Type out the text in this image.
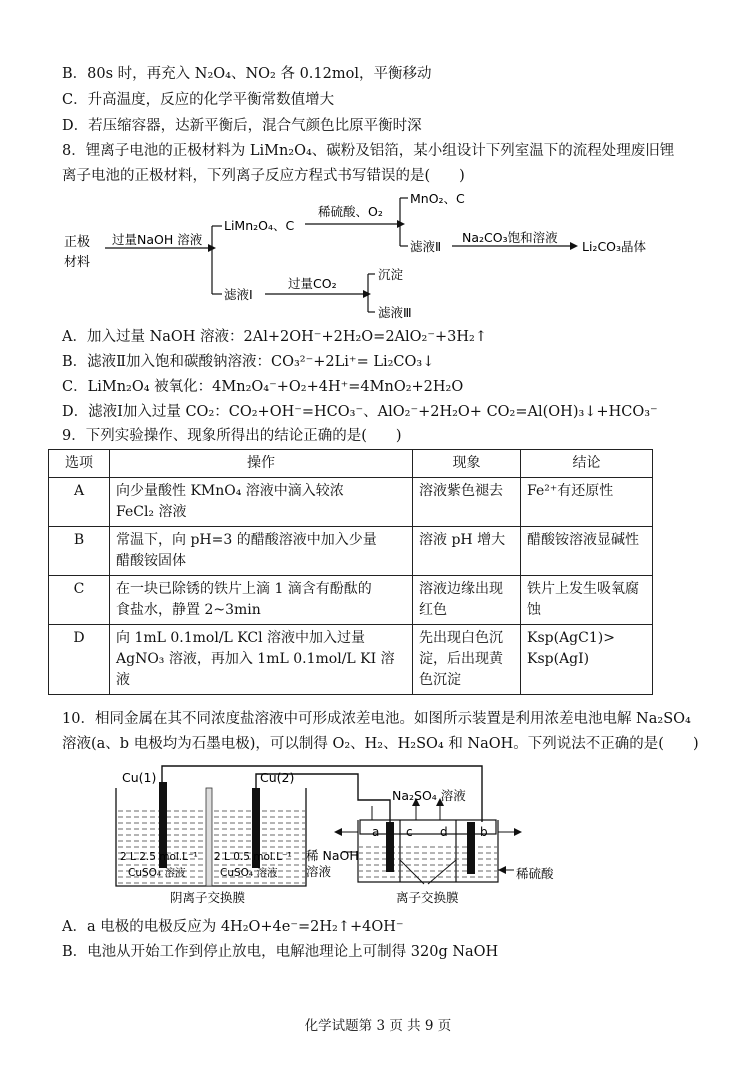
B．80s 时，再充入 N₂O₄、NO₂ 各 0.12mol，平衡移动
C．升高温度，反应的化学平衡常数值增大
D．若压缩容器，达新平衡后，混合气颜色比原平衡时深
8．锂离子电池的正极材料为 LiMn₂O₄、碳粉及铝箔，某小组设计下列室温下的流程处理废旧锂
离子电池的正极材料，下列离子反应方程式书写错误的是(　　)
正极
材料
过量NaOH 溶液
LiMn₂O₄、C
稀硫酸、O₂
MnO₂、C
滤液Ⅱ
Na₂CO₃饱和溶液
Li₂CO₃晶体
滤液Ⅰ
过量CO₂
沉淀
滤液Ⅲ
A．加入过量 NaOH 溶液：2Al+2OH⁻+2H₂O=2AlO₂⁻+3H₂↑
B．滤液Ⅱ加入饱和碳酸钠溶液：CO₃²⁻+2Li⁺= Li₂CO₃↓
C．LiMn₂O₄ 被氧化：4Mn₂O₄⁻+O₂+4H⁺=4MnO₂+2H₂O
D．滤液Ⅰ加入过量 CO₂：CO₂+OH⁻=HCO₃⁻、AlO₂⁻+2H₂O+ CO₂=Al(OH)₃↓+HCO₃⁻
9．下列实验操作、现象所得出的结论正确的是(　　)
选项	操作	现象	结论
A	向少量酸性 KMnO₄ 溶液中滴入较浓
FeCl₂ 溶液	溶液紫色褪去	Fe²⁺有还原性

B	常温下，向 pH=3 的醋酸溶液中加入少量
醋酸铵固体	溶液 pH 增大	醋酸铵溶液显碱性

C	在一块已除锈的铁片上滴 1 滴含有酚酞的
食盐水，静置 2~3min	溶液边缘出现
红色	铁片上发生吸氧腐
蚀

D	向 1mL 0.1mol/L KCl 溶液中加入过量
AgNO₃ 溶液，再加入 1mL 0.1mol/L KI 溶
液	先出现白色沉
淀，后出现黄
色沉淀	Ksp(AgC1)> Ksp(AgI)
10．相同金属在其不同浓度盐溶液中可形成浓差电池。如图所示装置是利用浓差电池电解 Na₂SO₄
溶液(a、b 电极均为石墨电极)，可以制得 O₂、H₂、H₂SO₄ 和 NaOH。下列说法不正确的是(　　)
Cu(1)	Cu(2)
2 L 2.5 mol.L⁻¹
CuSO₄ 溶液
2 L 0.5 mol.L⁻¹
CuSO₄ 溶液
阴离子交换膜
Na₂SO₄ 溶液
a c d	b
稀 NaOH
溶液	稀硫酸
离子交换膜
A．a 电极的电极反应为 4H₂O+4e⁻=2H₂↑+4OH⁻
B．电池从开始工作到停止放电，电解池理论上可制得 320g NaOH
化学试题第 3 页 共 9 页
